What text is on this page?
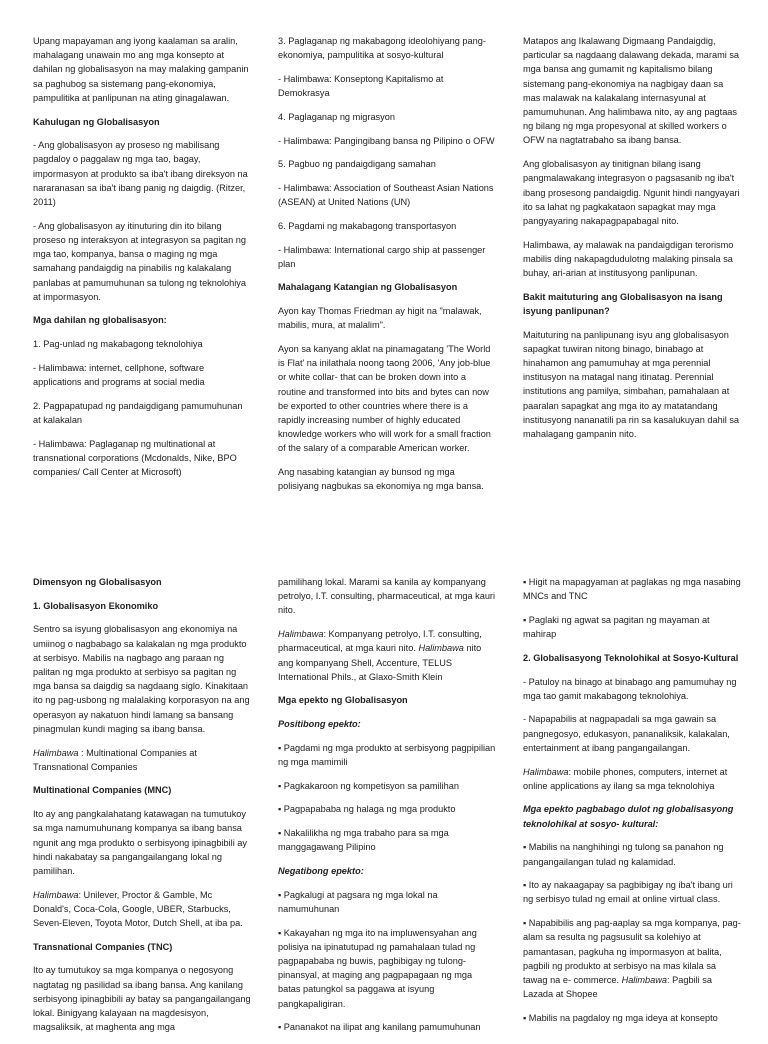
Upang mapayaman ang iyong kaalaman sa aralin, mahalagang unawain mo ang mga konsepto at dahilan ng globalisasyon na may malaking gampanin sa paghubog sa sistemang pang-ekonomiya, pampulitika at panlipunan na ating ginagalawan.

Kahulugan ng Globalisasyon

- Ang globalisasyon ay proseso ng mabilisang pagdaloy o paggalaw ng mga tao, bagay, impormasyon at produkto sa iba't ibang direksyon na nararanasan sa iba't ibang panig ng daigdig. (Ritzer, 2011)

- Ang globalisasyon ay itinuturing din ito bilang proseso ng interaksyon at integrasyon sa pagitan ng mga tao, kompanya, bansa o maging ng mga samahang pandaigdig na pinabilis ng kalakalang panlabas at pamumuhunan sa tulong ng teknolohiya at impormasyon.

Mga dahilan ng globalisasyon:

1. Pag-unlad ng makabagong teknolohiya

- Halimbawa: internet, cellphone, software applications and programs at social media

2. Pagpapatupad ng pandaigdigang pamumuhunan at kalakalan

- Halimbawa: Paglaganap ng multinational at transnational corporations (Mcdonalds, Nike, BPO companies/ Call Center at Microsoft)

3. Paglaganap ng makabagong ideolohiyang pang-ekonomiya, pampulitika at sosyo-kultural

- Halimbawa: Konseptong Kapitalismo at Demokrasya

4. Paglaganap ng migrasyon

- Halimbawa: Pangingibang bansa ng Pilipino o OFW

5. Pagbuo ng pandaigdigang samahan

- Halimbawa: Association of Southeast Asian Nations (ASEAN) at United Nations (UN)

6. Pagdami ng makabagong transportasyon

- Halimbawa: International cargo ship at passenger plan

Mahalagang Katangian ng Globalisasyon

Ayon kay Thomas Friedman ay higit na "malawak, mabilis, mura, at malalim".

Ayon sa kanyang aklat na pinamagatang 'The World is Flat' na inilathala noong taong 2006, 'Any job-blue or white collar- that can be broken down into a routine and transformed into bits and bytes can now be exported to other countries where there is a rapidly increasing number of highly educated knowledge workers who will work for a small fraction of the salary of a comparable American worker.

Ang nasabing katangian ay bunsod ng mga polisiyang nagbukas sa ekonomiya ng mga bansa.

Matapos ang Ikalawang Digmaang Pandaigdig, particular sa nagdaang dalawang dekada, marami sa mga bansa ang gumamit ng kapitalismo bilang sistemang pang-ekonomiya na nagbigay daan sa mas malawak na kalakalang internasyunal at pamumuhunan. Ang halimbawa nito, ay ang pagtaas ng bilang ng mga propesyonal at skilled workers o OFW na nagtatrabaho sa ibang bansa.

Ang globalisasyon ay tinitignan bilang isang pangmalawakang integrasyon o pagsasanib ng iba't ibang prosesong pandaigdig. Ngunit hindi nangyayari ito sa lahat ng pagkakataon sapagkat may mga pangyayaring nakapagpapabagal nito.

Halimbawa, ay malawak na pandaigdigan terorismo mabilis ding nakapagdudulotng malaking pinsala sa buhay, ari-arian at institusyong panlipunan.

Bakit maituturing ang Globalisasyon na isang isyung panlipunan?

Maituturing na panlipunang isyu ang globalisasyon sapagkat tuwiran nitong binago, binabago at hinahamon ang pamumuhay at mga perennial institusyon na matagal nang itinatag. Perennial institutions ang pamilya, simbahan, pamahalaan at paaralan sapagkat ang mga ito ay matatandang institusyong nananatili pa rin sa kasalukuyan dahil sa mahalagang gampanin nito.

Dimensyon ng Globalisasyon

1. Globalisasyon Ekonomiko

Sentro sa isyung globalisasyon ang ekonomiya na umiinog o nagbabago sa kalakalan ng mga produkto at serbisyo. Mabilis na nagbago ang paraan ng palitan ng mga produkto at serbisyo sa pagitan ng mga bansa sa daigdig sa nagdaang siglo. Kinakitaan ito ng pag-usbong ng malalaking korporasyon na ang operasyon ay nakatuon hindi lamang sa bansang pinagmulan kundi maging sa ibang bansa.

Halimbawa : Multinational Companies at Transnational Companies

Multinational Companies (MNC)

Ito ay ang pangkalahatang katawagan na tumutukoy sa mga namumuhunang kompanya sa ibang bansa ngunit ang mga produkto o serbisyong ipinagbibili ay hindi nakabatay sa pangangailangang lokal ng pamilihan.

Halimbawa: Unilever, Proctor & Gamble, Mc Donald's, Coca-Cola, Google, UBER, Starbucks, Seven-Eleven, Toyota Motor, Dutch Shell, at iba pa.

Transnational Companies (TNC)

Ito ay tumutukoy sa mga kompanya o negosyong nagtatag ng pasilidad sa ibang bansa. Ang kanilang serbisyong ipinagbibili ay batay sa pangangailangang lokal. Binigyang kalayaan na magdesisyon, magsaliksik, at maghenta ang mga

pamilihang lokal. Marami sa kanila ay kompanyang petrolyo, I.T. consulting, pharmaceutical, at mga kauri nito.

Halimbawa: Kompanyang petrolyo, I.T. consulting, pharmaceutical, at mga kauri nito. Halimbawa nito ang kompanyang Shell, Accenture, TELUS International Phils., at Glaxo-Smith Klein

Mga epekto ng Globalisasyon

Positibong epekto:

▪ Pagdami ng mga produkto at serbisyong pagpipilian ng mga mamimili

▪ Pagkakaroon ng kompetisyon sa pamilihan

▪ Pagpapababa ng halaga ng mga produkto

▪ Nakalilikha ng mga trabaho para sa mga manggagawang Pilipino

Negatibong epekto:

▪ Pagkalugi at pagsara ng mga lokal na namumuhunan

▪ Kakayahan ng mga ito na impluwensyahan ang polisiya na ipinatutupad ng pamahalaan tulad ng pagpapababa ng buwis, pagbibigay ng tulong-pinansyal, at maging ang pagpapagaan ng mga batas patungkol sa paggawa at isyung pangkapaligiran.

▪ Pananakot na ilipat ang kanilang pamumuhunan

▪ Higit na mapagyaman at paglakas ng mga nasabing MNCs and TNC

▪ Paglaki ng agwat sa pagitan ng mayaman at mahirap

2. Globalisasyong Teknolohikal at Sosyo-Kultural

- Patuloy na binago at binabago ang pamumuhay ng mga tao gamit makabagong teknolohiya.

- Napapabilis at nagpapadali sa mga gawain sa pangnegosyo, edukasyon, pananaliksik, kalakalan, entertainment at ibang pangangailangan.

Halimbawa: mobile phones, computers, internet at online applications ay ilang sa mga teknolohiya

Mga epekto pagbabago dulot ng globalisasyong teknolohikal at sosyo- kultural:

▪ Mabilis na nanghihingi ng tulong sa panahon ng pangangailangan tulad ng kalamidad.

▪ Ito ay nakaagapay sa pagbibigay ng iba't ibang uri ng serbisyo tulad ng email at online virtual class.

▪ Napabibilis ang pag-aaplay sa mga kompanya, pag-alam sa resulta ng pagsusulit sa kolehiyo at pamantasan, pagkuha ng impormasyon at balita, pagbili ng produkto at serbisyo na mas kilala sa tawag na e- commerce. Halimbawa: Pagbili sa Lazada at Shopee

▪ Mabilis na pagdaloy ng mga ideya at konsepto
